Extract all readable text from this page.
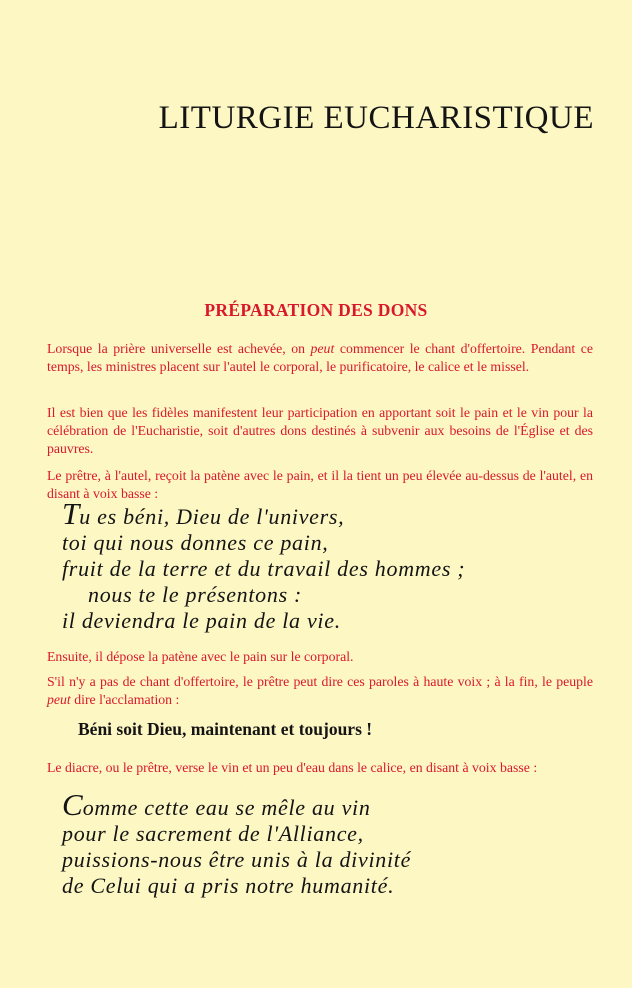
LITURGIE EUCHARISTIQUE
PRÉPARATION DES DONS

Lorsque la prière universelle est achevée, on peut commencer le chant d'offertoire. Pendant ce temps, les ministres placent sur l'autel le corporal, le purificatoire, le calice et le missel.

Il est bien que les fidèles manifestent leur participation en apportant soit le pain et le vin pour la célébration de l'Eucharistie, soit d'autres dons destinés à subvenir aux besoins de l'Église et des pauvres.

Le prêtre, à l'autel, reçoit la patène avec le pain, et il la tient un peu élevée au-dessus de l'autel, en disant à voix basse :

Tu es béni, Dieu de l'univers,
toi qui nous donnes ce pain,
fruit de la terre et du travail des hommes ;
nous te le présentons :
il deviendra le pain de la vie.

Ensuite, il dépose la patène avec le pain sur le corporal.

S'il n'y a pas de chant d'offertoire, le prêtre peut dire ces paroles à haute voix ; à la fin, le peuple peut dire l'acclamation :

Béni soit Dieu, maintenant et toujours !

Le diacre, ou le prêtre, verse le vin et un peu d'eau dans le calice, en disant à voix basse :

Comme cette eau se mêle au vin
pour le sacrement de l'Alliance,
puissions-nous être unis à la divinité
de Celui qui a pris notre humanité.
